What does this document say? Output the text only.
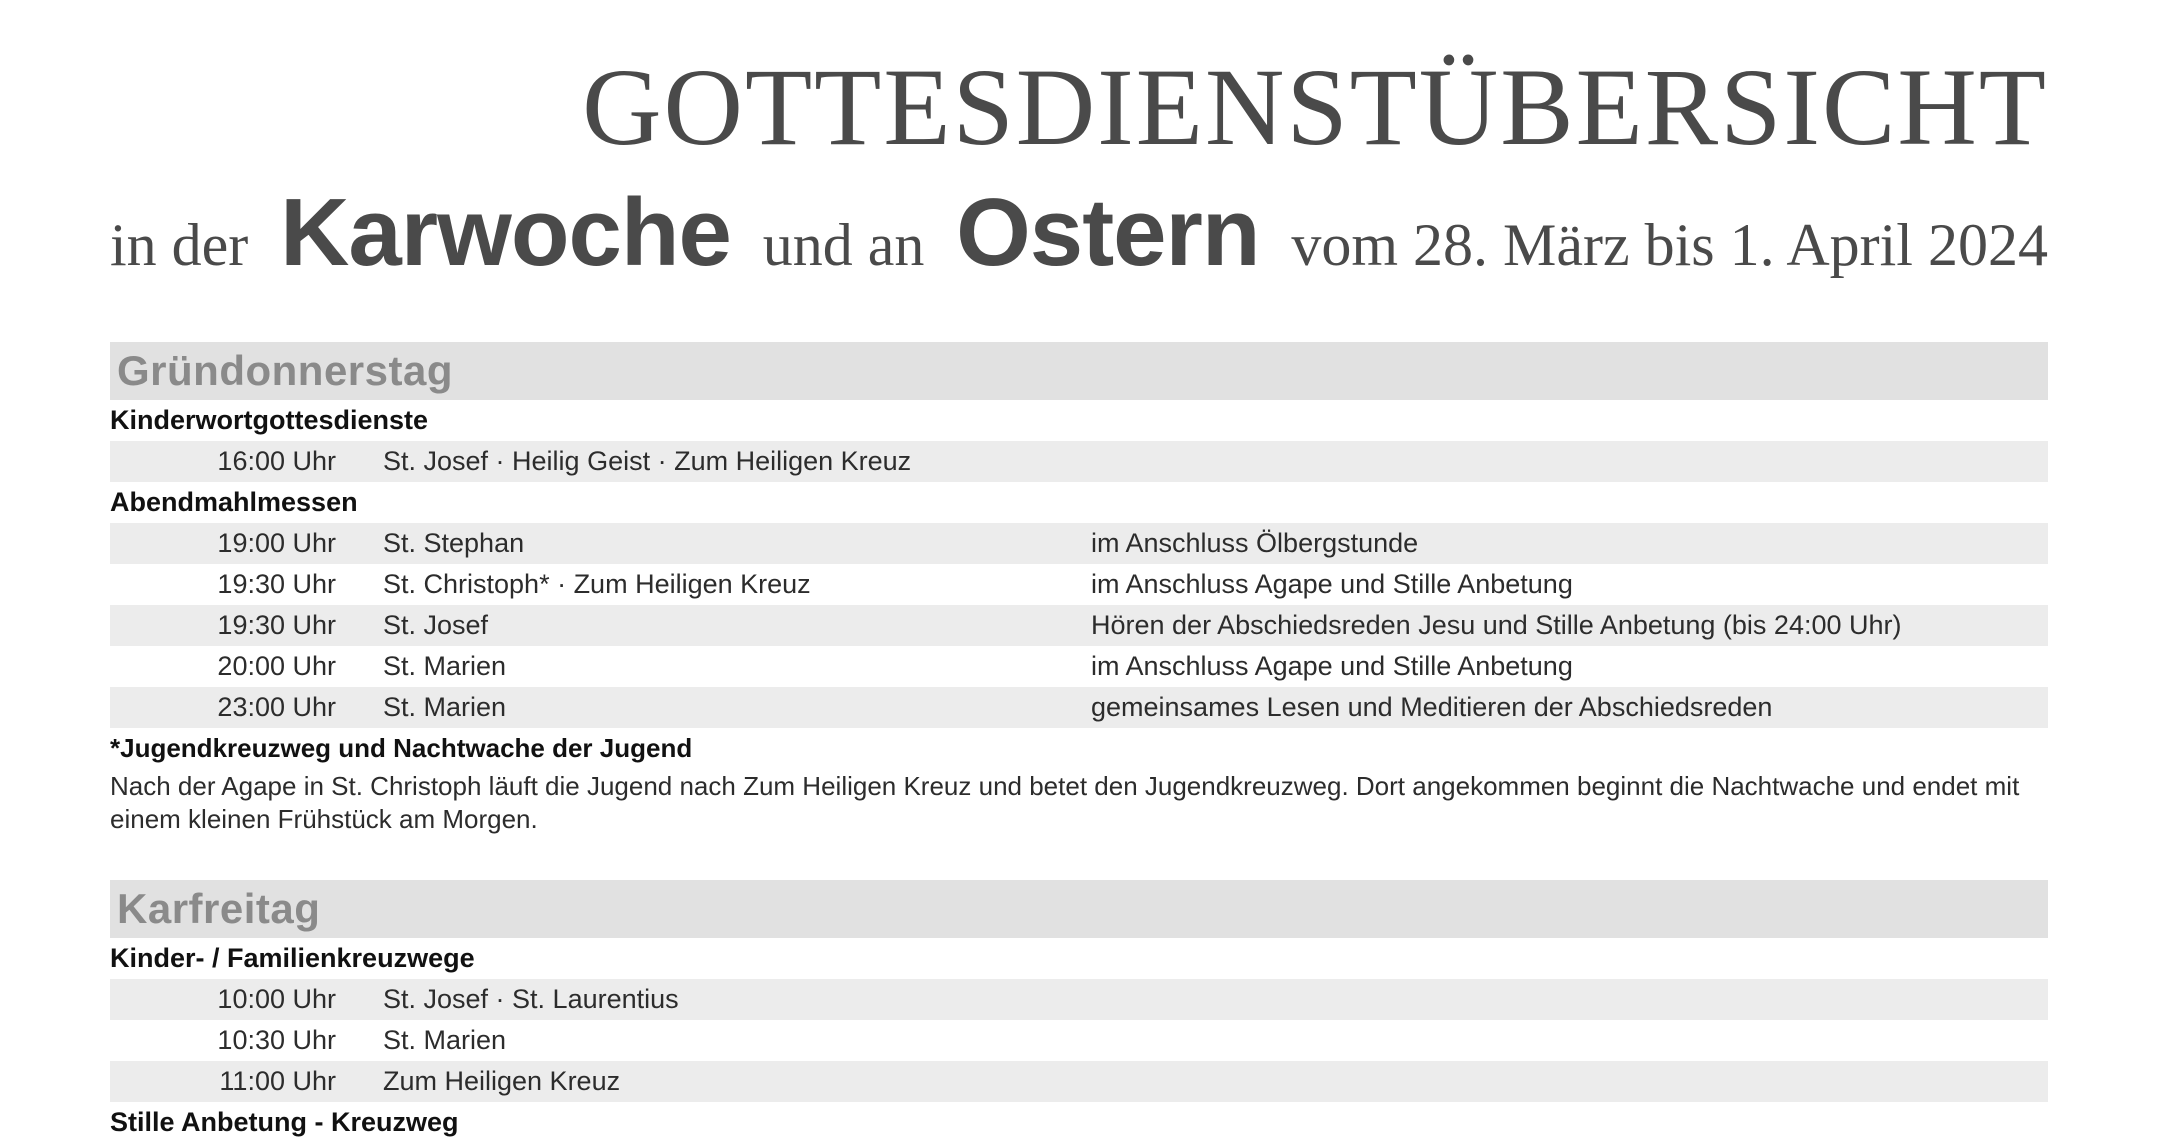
GOTTESDIENSTÜBERSICHT
in der Karwoche und an Ostern vom 28. März bis 1. April 2024
Gründonnerstag
Kinderwortgottesdienste
16:00 Uhr St. Josef · Heilig Geist · Zum Heiligen Kreuz
Abendmahlmessen
19:00 Uhr St. Stephan	im Anschluss Ölbergstunde
19:30 Uhr St. Christoph* · Zum Heiligen Kreuz	im Anschluss Agape und Stille Anbetung
19:30 Uhr St. Josef	Hören der Abschiedsreden Jesu und Stille Anbetung (bis 24:00 Uhr)
20:00 Uhr St. Marien	im Anschluss Agape und Stille Anbetung
23:00 Uhr St. Marien	gemeinsames Lesen und Meditieren der Abschiedsreden
*Jugendkreuzweg und Nachtwache der Jugend
Nach der Agape in St. Christoph läuft die Jugend nach Zum Heiligen Kreuz und betet den Jugendkreuzweg. Dort angekommen beginnt die Nachtwache und endet mit einem kleinen Frühstück am Morgen.
Karfreitag
Kinder- / Familienkreuzwege
10:00 Uhr St. Josef · St. Laurentius
10:30 Uhr St. Marien
11:00 Uhr Zum Heiligen Kreuz
Stille Anbetung - Kreuzweg
